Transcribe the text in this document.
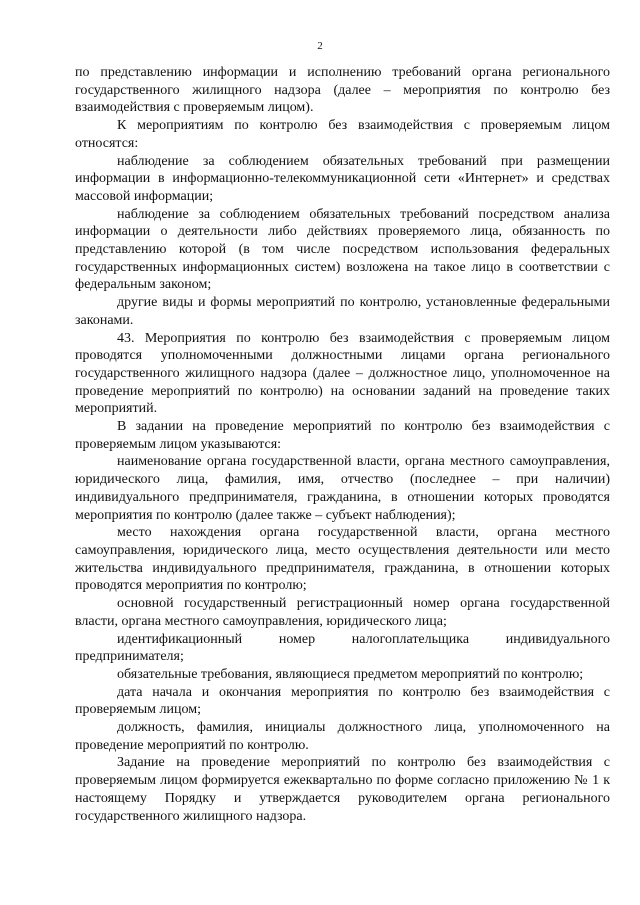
2

по представлению информации и исполнению требований органа регионального государственного жилищного надзора (далее – мероприятия по контролю без взаимодействия с проверяемым лицом).

К мероприятиям по контролю без взаимодействия с проверяемым лицом относятся:

наблюдение за соблюдением обязательных требований при размещении информации в информационно-телекоммуникационной сети «Интернет» и средствах массовой информации;

наблюдение за соблюдением обязательных требований посредством анализа информации о деятельности либо действиях проверяемого лица, обязанность по представлению которой (в том числе посредством использования федеральных государственных информационных систем) возложена на такое лицо в соответствии с федеральным законом;

другие виды и формы мероприятий по контролю, установленные федеральными законами.

43. Мероприятия по контролю без взаимодействия с проверяемым лицом проводятся уполномоченными должностными лицами органа регионального государственного жилищного надзора (далее – должностное лицо, уполномоченное на проведение мероприятий по контролю) на основании заданий на проведение таких мероприятий.

В задании на проведение мероприятий по контролю без взаимодействия с проверяемым лицом указываются:

наименование органа государственной власти, органа местного самоуправления, юридического лица, фамилия, имя, отчество (последнее – при наличии) индивидуального предпринимателя, гражданина, в отношении которых проводятся мероприятия по контролю (далее также – субъект наблюдения);

место нахождения органа государственной власти, органа местного самоуправления, юридического лица, место осуществления деятельности или место жительства индивидуального предпринимателя, гражданина, в отношении которых проводятся мероприятия по контролю;

основной государственный регистрационный номер органа государственной власти, органа местного самоуправления, юридического лица;

идентификационный номер налогоплательщика индивидуального предпринимателя;

обязательные требования, являющиеся предметом мероприятий по контролю;

дата начала и окончания мероприятия по контролю без взаимодействия с проверяемым лицом;

должность, фамилия, инициалы должностного лица, уполномоченного на проведение мероприятий по контролю.

Задание на проведение мероприятий по контролю без взаимодействия с проверяемым лицом формируется ежеквартально по форме согласно приложению № 1 к настоящему Порядку и утверждается руководителем органа регионального государственного жилищного надзора.
